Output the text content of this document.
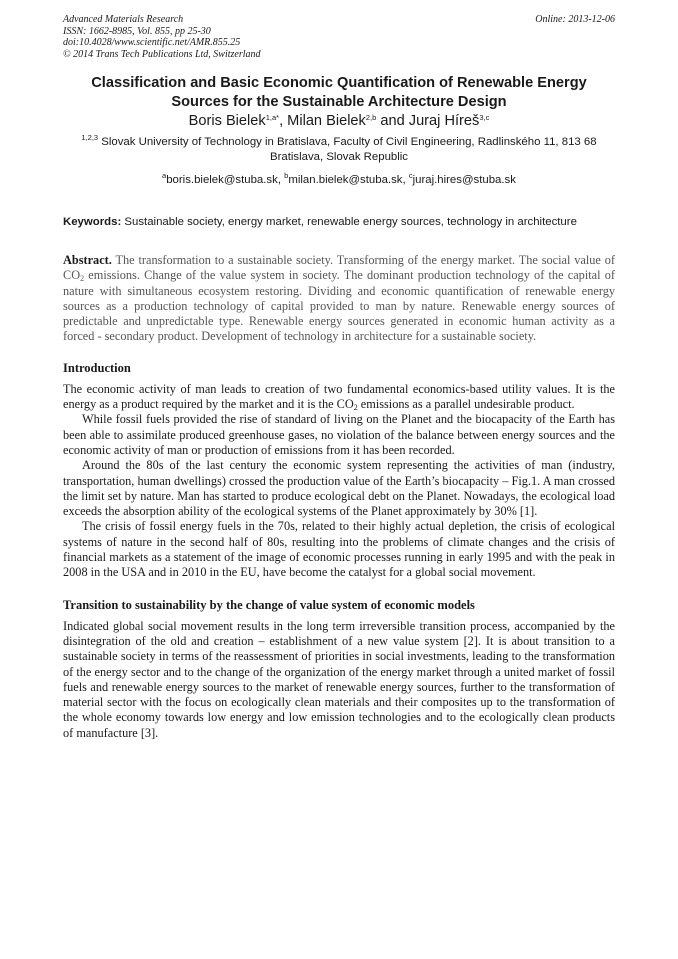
Advanced Materials Research
ISSN: 1662-8985, Vol. 855, pp 25-30
doi:10.4028/www.scientific.net/AMR.855.25
© 2014 Trans Tech Publications Ltd, Switzerland
Online: 2013-12-06
Classification and Basic Economic Quantification of Renewable Energy Sources for the Sustainable Architecture Design
Boris Bielek$^{1,a*}$, Milan Bielek$^{2,b}$ and Juraj Híreš$^{3,c}$
$^{1,2,3}$ Slovak University of Technology in Bratislava, Faculty of Civil Engineering, Radlinského 11, 813 68 Bratislava, Slovak Republic
$^a$boris.bielek@stuba.sk, $^b$milan.bielek@stuba.sk, $^c$juraj.hires@stuba.sk
Keywords: Sustainable society, energy market, renewable energy sources, technology in architecture
Abstract. The transformation to a sustainable society. Transforming of the energy market. The social value of $CO_2$ emissions. Change of the value system in society. The dominant production technology of the capital of nature with simultaneous ecosystem restoring. Dividing and economic quantification of renewable energy sources as a production technology of capital provided to man by nature. Renewable energy sources of predictable and unpredictable type. Renewable energy sources generated in economic human activity as a forced - secondary product. Development of technology in architecture for a sustainable society.
Introduction

The economic activity of man leads to creation of two fundamental economics-based utility values. It is the energy as a product required by the market and it is the $CO_2$ emissions as a parallel undesirable product.

While fossil fuels provided the rise of standard of living on the Planet and the biocapacity of the Earth has been able to assimilate produced greenhouse gases, no violation of the balance between energy sources and the economic activity of man or production of emissions from it has been recorded.

Around the 80s of the last century the economic system representing the activities of man (industry, transportation, human dwellings) crossed the production value of the Earth’s biocapacity – Fig.1. A man crossed the limit set by nature. Man has started to produce ecological debt on the Planet. Nowadays, the ecological load exceeds the absorption ability of the ecological systems of the Planet approximately by 30% [1].

The crisis of fossil energy fuels in the 70s, related to their highly actual depletion, the crisis of ecological systems of nature in the second half of 80s, resulting into the problems of climate changes and the crisis of financial markets as a statement of the image of economic processes running in early 1995 and with the peak in 2008 in the USA and in 2010 in the EU, have become the catalyst for a global social movement.

Transition to sustainability by the change of value system of economic models

Indicated global social movement results in the long term irreversible transition process, accompanied by the disintegration of the old and creation – establishment of a new value system [2]. It is about transition to a sustainable society in terms of the reassessment of priorities in social investments, leading to the transformation of the energy sector and to the change of the organization of the energy market through a united market of fossil fuels and renewable energy sources to the market of renewable energy sources, further to the transformation of material sector with the focus on ecologically clean materials and their composites up to the transformation of the whole economy towards low energy and low emission technologies and to the ecologically clean products of manufacture [3].
